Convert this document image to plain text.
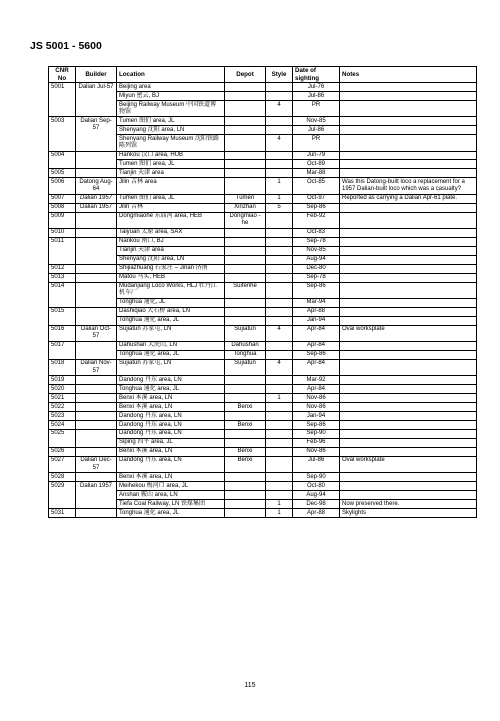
JS 5001 - 5600
CNR No	Builder	Location	Depot	Style	Date of sighting	Notes
5001	Dalian Jul-57	Beijing area			Jul-76	
		Miyun 密云, BJ			Jul-86	
		Beijing Railway Museum 中国铁道博物馆		4	PR	
5003	Dalian Sep-57	Tumen 图们 area, JL			Nov-85	
		Shenyang 沈阳 area, LN			Jul-86	
		Shenyang Railway Museum 沈阳铁路陈列馆		4	PR	
5004		Hankou 汉口 area, HUB			Jun-79	
		Tumen 图们 area, JL			Oct-89	
5005		Tianjin 天津 area			Mar-88	
5006	Datong Aug-64	Jilin 吉林 area		1	Oct-85	Was this Datong-built loco a replacement for a 1957 Dalian-built loco which was a casualty?
5007	Dalian 1957	Tumen 图们 area, JL	Tumen	1	Oct-97	Reported as carrying a Dalian Apr-61 plate.
5008	Dalian 1957	Jilin 吉林	Xinzhan	5	Sep-86	
5009		Dongmiaohe 东庙河 area, HEB	Dongmiao -he		Feb-92	
5010		Taiyuan 太原 area, SAX			Oct-83	
5011		Nankou 南口, BJ			Sep-78	
		Tianjin 天津 area			Nov-85	
		Shenyang 沈阳 area, LN			Aug-94	
5012		Shijiazhuang 石家庄 – Jinan 济南			Dec-80	
5013		Matou 马头, HEB			Sep-78	
5014		Mudanjiang Loco Works, HLJ 牡丹江机车厂	Suifenhe		Sep-86	
		Tonghua 通化, JL			Mar-94	
5015		Dashiqiao 大石桥 area, LN			Apr-88	
		Tonghua 通化 area, JL			Jan-94	
5016	Dalian Oct-57	Sujiatun 苏家屯, LN	Sujiatun	4	Apr-84	Oval worksplate
5017		Dahushan 大虎山, LN	Dahushan		Apr-84	
		Tonghua 通化 area, JL	Tonghua		Sep-86	
5018	Dalian Nov-57	Sujiatun 苏家屯, LN	Sujiatun	4	Apr-84	
5019		Dandong 丹东 area, LN			Mar-92	
5020		Tonghua 通化 area, JL			Apr-84	
5021		Benxi 本溪 area, LN		1	Nov-86	
5022		Benxi 本溪 area, LN	Benxi		Nov-86	
5023		Dandong 丹东 area, LN			Jan-94	
5024		Dandong 丹东 area, LN	Benxi		Sep-86	
5025		Dandong 丹东 area, LN			Sep-90	
		Siping 四平 area, JL			Feb-96	
5026		Benxi 本溪 area, LN	Benxi		Nov-86	
5027	Dalian Dec-57	Dandong 丹东 area, LN	Benxi		Jul-86	Oval worksplate
5028		Benxi 本溪 area, LN			Sep-90	
5029	Dalian 1957	Meihekou 梅河口 area, JL			Oct-80	
		Anshan 鞍山 area, LN			Aug-94	
		Tiefa Coal Railway, LN 铁煤集团		1	Dec-98	Now preserved there.
5031		Tonghua 通化 area, JL		1	Apr-88	Skylights

115
